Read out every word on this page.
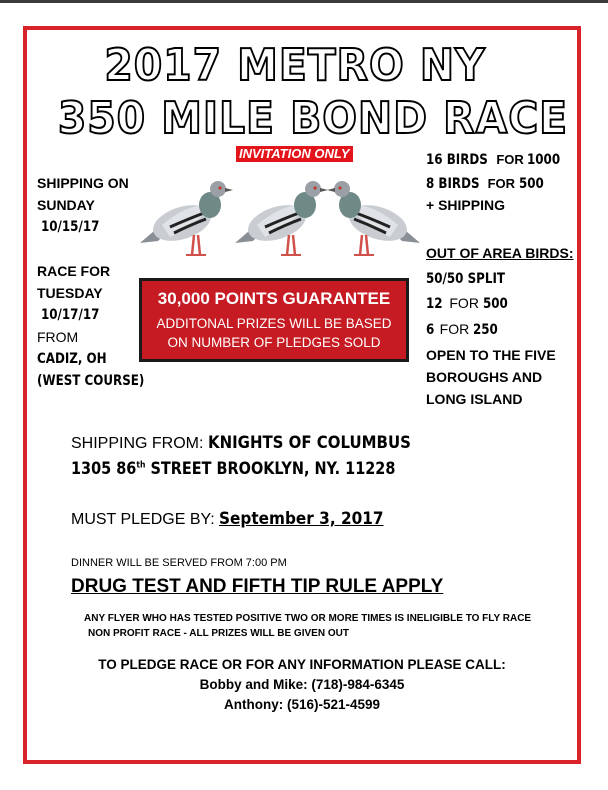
2017 METRO NY
350 MILE BOND RACE
INVITATION ONLY
SHIPPING ON
SUNDAY
10/15/17
RACE FOR
TUESDAY
10/17/17
FROM
CADIZ, OH
(WEST COURSE)
16 BIRDS FOR 1000
8 BIRDS FOR 500
+ SHIPPING
OUT OF AREA BIRDS:
50/50 SPLIT
12 FOR 500
6 FOR 250
OPEN TO THE FIVE
BOROUGHS AND
LONG ISLAND
30,000 POINTS GUARANTEE
ADDITONAL PRIZES WILL BE BASED
ON NUMBER OF PLEDGES SOLD
SHIPPING FROM: KNIGHTS OF COLUMBUS
1305 86th STREET BROOKLYN, NY. 11228
MUST PLEDGE BY: September 3, 2017
DINNER WILL BE SERVED FROM 7:00 PM
DRUG TEST AND FIFTH TIP RULE APPLY
ANY FLYER WHO HAS TESTED POSITIVE TWO OR MORE TIMES IS INELIGIBLE TO FLY RACE
NON PROFIT RACE - ALL PRIZES WILL BE GIVEN OUT
TO PLEDGE RACE OR FOR ANY INFORMATION PLEASE CALL:
Bobby and Mike: (718)-984-6345
Anthony: (516)-521-4599
